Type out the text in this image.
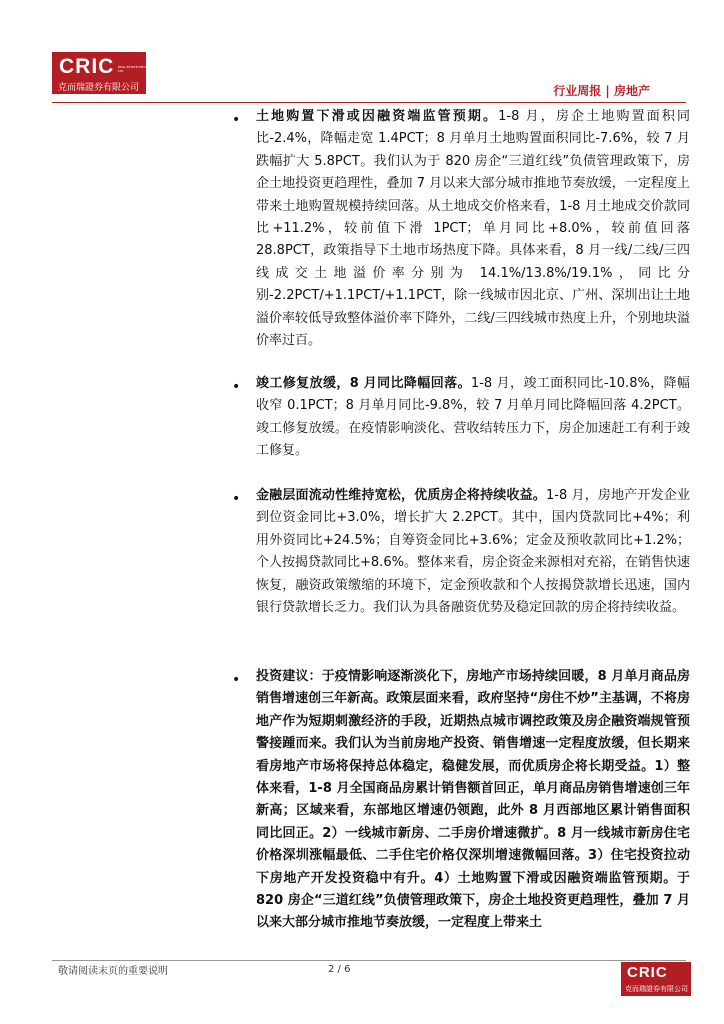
CRIC REAL ESTATE INFO LTD
克而瑞證券有限公司	行业周报 | 房地产
• 土地购置下滑或因融资端监管预期。1-8 月，房企土地购置面积同比-2.4%，降幅走宽 1.4PCT；8 月单月土地购置面积同比-7.6%，较 7 月跌幅扩大 5.8PCT。我们认为于 820 房企“三道红线”负债管理政策下，房企土地投资更趋理性，叠加 7 月以来大部分城市推地节奏放缓，一定程度上带来土地购置规模持续回落。从土地成交价格来看，1-8 月土地成交价款同比+11.2%，较前值下滑 1PCT；单月同比+8.0%，较前值回落 28.8PCT，政策指导下土地市场热度下降。具体来看，8 月一线/二线/三四线成交土地溢价率分别为 14.1%/13.8%/19.1%，同比分别-2.2PCT/+1.1PCT/+1.1PCT，除一线城市因北京、广州、深圳出让土地溢价率较低导致整体溢价率下降外，二线/三四线城市热度上升，个别地块溢价率过百。
• 竣工修复放缓，8 月同比降幅回落。1-8 月，竣工面积同比-10.8%，降幅收窄 0.1PCT；8 月单月同比-9.8%，较 7 月单月同比降幅回落 4.2PCT。竣工修复放缓。在疫情影响淡化、营收结转压力下，房企加速赶工有利于竣工修复。
• 金融层面流动性维持宽松，优质房企将持续收益。1-8 月，房地产开发企业到位资金同比+3.0%，增长扩大 2.2PCT。其中，国内贷款同比+4%；利用外资同比+24.5%；自筹资金同比+3.6%；定金及预收款同比+1.2%；个人按揭贷款同比+8.6%。整体来看，房企资金来源相对充裕，在销售快速恢复，融资政策缴缩的环境下，定金预收款和个人按揭贷款增长迅速，国内银行贷款增长乏力。我们认为具备融资优势及稳定回款的房企将持续收益。
• 投资建议：于疫情影响逐渐淡化下，房地产市场持续回暖，8 月单月商品房销售增速创三年新高。政策层面来看，政府坚持“房住不炒”主基调，不将房地产作为短期刺激经济的手段，近期热点城市调控政策及房企融资端规管预警接踵而来。我们认为当前房地产投资、销售增速一定程度放缓，但长期来看房地产市场将保持总体稳定，稳健发展，而优质房企将长期受益。1）整体来看，1-8 月全国商品房累计销售额首回正，单月商品房销售增速创三年新高；区域来看，东部地区增速仍领跑，此外 8 月西部地区累计销售面积同比回正。2）一线城市新房、二手房价增速微扩。8 月一线城市新房住宅价格深圳涨幅最低、二手住宅价格仅深圳增速微幅回落。3）住宅投资拉动下房地产开发投资稳中有升。4）土地购置下滑或因融资端监管预期。于 820 房企“三道红线”负债管理政策下，房企土地投资更趋理性，叠加 7 月以来大部分城市推地节奏放缓，一定程度上带来土
敬请阅读末页的重要说明	2 / 6	CRIC
克而瑞證券有限公司
